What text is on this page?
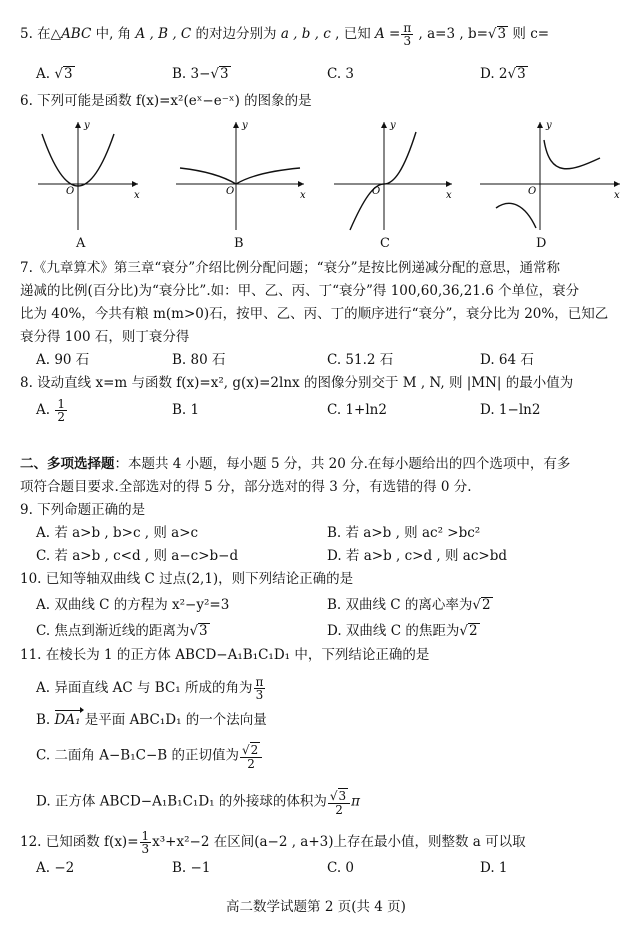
5. 在△ABC 中, 角 A , B , C 的对边分别为 a , b , c , 已知 $A = \frac{\pi}{3}$ , a=3 , b=√3 则 c=
A. √3	B. 3−√3	C. 3	D. 2√3
6. 下列可能是函数 f(x)=x²(eˣ−e⁻ˣ) 的图象的是
y
x
O
y
x
O
y
x
O
y
x
O
A	B	C	D
7.《九章算术》第三章“衰分”介绍比例分配问题；“衰分”是按比例递减分配的意思，通常称
递减的比例(百分比)为“衰分比”.如：甲、乙、丙、丁“衰分”得 100,60,36,21.6 个单位，衰分
比为 40%，今共有粮 m(m>0)石，按甲、乙、丙、丁的顺序进行“衰分”，衰分比为 20%，已知乙
衰分得 100 石，则丁衰分得
A. 90 石	B. 80 石	C. 51.2 石	D. 64 石
8. 设动直线 x=m 与函数 f(x)=x², g(x)=2lnx 的图像分别交于 M , N, 则 |MN| 的最小值为
A. $\frac{1}{2}$	B. 1	C. 1+ln2	D. 1−ln2
二、多项选择题：本题共 4 小题，每小题 5 分，共 20 分.在每小题给出的四个选项中，有多
项符合题目要求.全部选对的得 5 分，部分选对的得 3 分，有选错的得 0 分.
9. 下列命题正确的是
A. 若 a>b , b>c , 则 a>c	B. 若 a>b , 则 ac² >bc²
C. 若 a>b , c<d , 则 a−c>b−d	D. 若 a>b , c>d , 则 ac>bd
10. 已知等轴双曲线 C 过点(2,1)，则下列结论正确的是
A. 双曲线 C 的方程为 x²−y²=3	B. 双曲线 C 的离心率为√2
C. 焦点到渐近线的距离为√3	D. 双曲线 C 的焦距为√2
11. 在棱长为 1 的正方体 ABCD−A₁B₁C₁D₁ 中，下列结论正确的是
A. 异面直线 AC 与 BC₁ 所成的角为 $\frac{\pi}{3}$
B. DA₁ 是平面 ABC₁D₁ 的一个法向量
C. 二面角 A−B₁C−B 的正切值为 $\frac{√2}{2}$
D. 正方体 ABCD−A₁B₁C₁D₁ 的外接球的体积为 $\frac{√3}{2}$ π
12. 已知函数 $f(x)= \frac{1}{3} x^3+x^2-2$ 在区间(a−2 , a+3)上存在最小值，则整数 a 可以取
A. −2	B. −1	C. 0	D. 1
高二数学试题第 2 页(共 4 页)
